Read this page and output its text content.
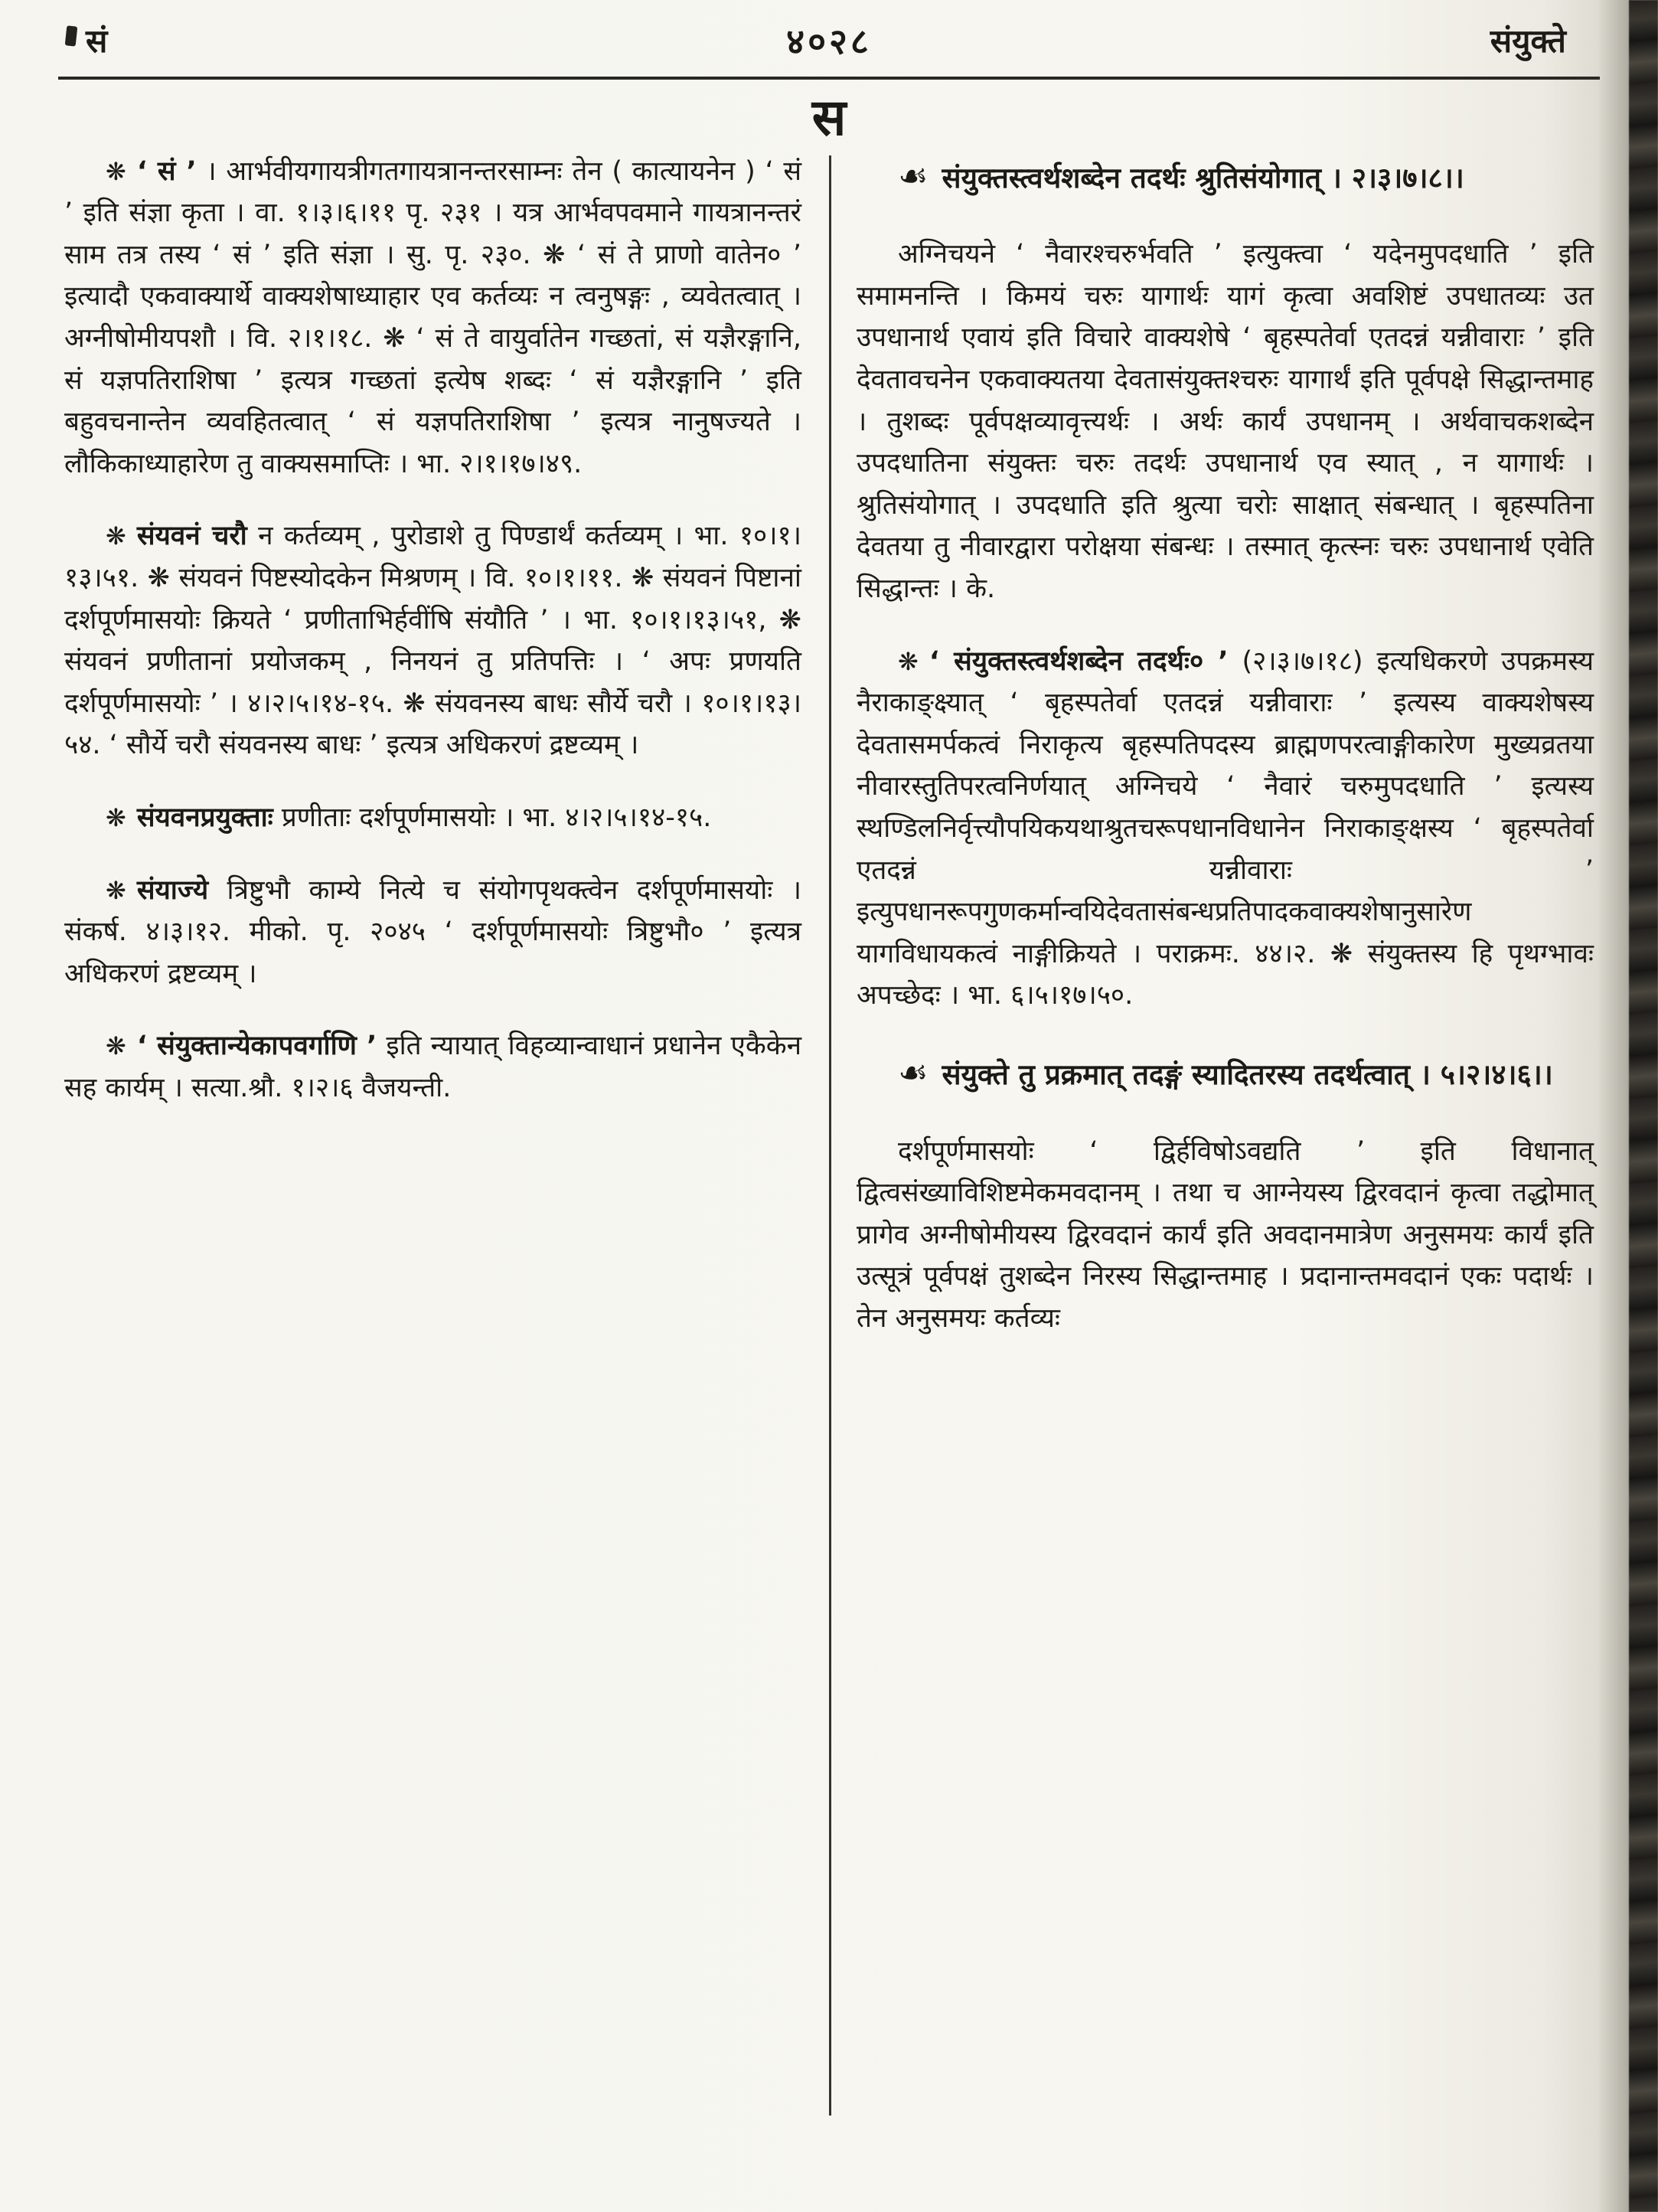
सं	४०२८	संयुक्ते
स

❋ ‘ सं ’ । आर्भवीयगायत्रीगतगायत्रानन्तरसाम्नः तेन ( कात्यायनेन ) ‘ सं ’ इति संज्ञा कृता । वा. १।३।६।११ पृ. २३१ । यत्र आर्भवपवमाने गायत्रानन्तरं साम तत्र तस्य ‘ सं ’ इति संज्ञा । सु. पृ. २३०. ❋ ‘ सं ते प्राणो वातेन० ’ इत्यादौ एकवाक्यार्थे वाक्यशेषाध्याहार एव कर्तव्यः न त्वनुषङ्गः , व्यवेतत्वात् । अग्नीषोमीयपशौ । वि. २।१।१८. ❋ ‘ सं ते वायुर्वातेन गच्छतां, सं यज्ञैरङ्गानि, सं यज्ञपतिराशिषा ’ इत्यत्र गच्छतां इत्येष शब्दः ‘ सं यज्ञैरङ्गानि ’ इति बहुवचनान्तेन व्यवहितत्वात् ‘ सं यज्ञपतिराशिषा ’ इत्यत्र नानुषज्यते । लौकिकाध्याहारेण तु वाक्यसमाप्तिः । भा. २।१।१७।४९.

❋ संयवनं चरौ न कर्तव्यम् , पुरोडाशे तु पिण्डार्थं कर्तव्यम् । भा. १०।१।१३।५१. ❋ संयवनं पिष्टस्योदकेन मिश्रणम् । वि. १०।१।११. ❋ संयवनं पिष्टानां दर्शपूर्णमासयोः क्रियते ‘ प्रणीताभिर्हवींषि संयौति ’ । भा. १०।१।१३।५१, ❋ संयवनं प्रणीतानां प्रयोजकम् , निनयनं तु प्रतिपत्तिः । ‘ अपः प्रणयति दर्शपूर्णमासयोः ’ । ४।२।५।१४-१५. ❋ संयवनस्य बाधः सौर्ये चरौ । १०।१।१३।५४. ‘ सौर्ये चरौ संयवनस्य बाधः ’ इत्यत्र अधिकरणं द्रष्टव्यम् ।

❋ संयवनप्रयुक्ताः प्रणीताः दर्शपूर्णमासयोः । भा. ४।२।५।१४-१५.

❋ संयाज्ये त्रिष्टुभौ काम्ये नित्ये च संयोगपृथक्त्वेन दर्शपूर्णमासयोः । संकर्ष. ४।३।१२. मीको. पृ. २०४५ ‘ दर्शपूर्णमासयोः त्रिष्टुभौ० ’ इत्यत्र अधिकरणं द्रष्टव्यम् ।

❋ ‘ संयुक्तान्येकापवर्गाणि ’ इति न्यायात् विहव्यान्वाधानं प्रधानेन एकैकेन सह कार्यम् । सत्या.श्रौ. १।२।६ वैजयन्ती.

☙ संयुक्तस्त्वर्थशब्देन तदर्थः श्रुतिसंयोगात् । २।३।७।८।।

अग्निचयने ‘ नैवारश्चरुर्भवति ’ इत्युक्त्वा ‘ यदेनमुपदधाति ’ इति समामनन्ति । किमयं चरुः यागार्थः यागं कृत्वा अवशिष्टं उपधातव्यः उत उपधानार्थ एवायं इति विचारे वाक्यशेषे ‘ बृहस्पतेर्वा एतदन्नं यन्नीवाराः ’ इति देवतावचनेन एकवाक्यतया देवतासंयुक्तश्चरुः यागार्थं इति पूर्वपक्षे सिद्धान्तमाह । तुशब्दः पूर्वपक्षव्यावृत्त्यर्थः । अर्थः कार्यं उपधानम् । अर्थवाचकशब्देन उपदधातिना संयुक्तः चरुः तदर्थः उपधानार्थ एव स्यात् , न यागार्थः । श्रुतिसंयोगात् । उपदधाति इति श्रुत्या चरोः साक्षात् संबन्धात् । बृहस्पतिना देवतया तु नीवारद्वारा परोक्षया संबन्धः । तस्मात् कृत्स्नः चरुः उपधानार्थ एवेति सिद्धान्तः । के.

❋ ‘ संयुक्तस्त्वर्थशब्देन तदर्थः० ’ (२।३।७।१८) इत्यधिकरणे उपक्रमस्य नैराकाङ्क्ष्यात् ‘ बृहस्पतेर्वा एतदन्नं यन्नीवाराः ’ इत्यस्य वाक्यशेषस्य देवतासमर्पकत्वं निराकृत्य बृहस्पतिपदस्य ब्राह्मणपरत्वाङ्गीकारेण मुख्यव्रतया नीवारस्तुतिपरत्वनिर्णयात् अग्निचये ‘ नैवारं चरुमुपदधाति ’ इत्यस्य स्थण्डिलनिर्वृत्त्यौपयिकयथाश्रुतचरूपधानविधानेन निराकाङ्क्षस्य ‘ बृहस्पतेर्वा एतदन्नं यन्नीवाराः ’ इत्युपधानरूपगुणकर्मान्वयिदेवतासंबन्धप्रतिपादकवाक्यशेषानुसारेण यागविधायकत्वं नाङ्गीक्रियते । पराक्रमः. ४४।२. ❋ संयुक्तस्य हि पृथग्भावः अपच्छेदः । भा. ६।५।१७।५०.

☙ संयुक्ते तु प्रक्रमात् तदङ्गं स्यादितरस्य तदर्थत्वात् । ५।२।४।६।।

दर्शपूर्णमासयोः ‘ द्विर्हविषोऽवद्यति ’ इति विधानात् द्वित्वसंख्याविशिष्टमेकमवदानम् । तथा च आग्नेयस्य द्विरवदानं कृत्वा तद्धोमात् प्रागेव अग्नीषोमीयस्य द्विरवदानं कार्यं इति अवदानमात्रेण अनुसमयः कार्यं इति उत्सूत्रं पूर्वपक्षं तुशब्देन निरस्य सिद्धान्तमाह । प्रदानान्तमवदानं एकः पदार्थः । तेन अनुसमयः कर्तव्यः
